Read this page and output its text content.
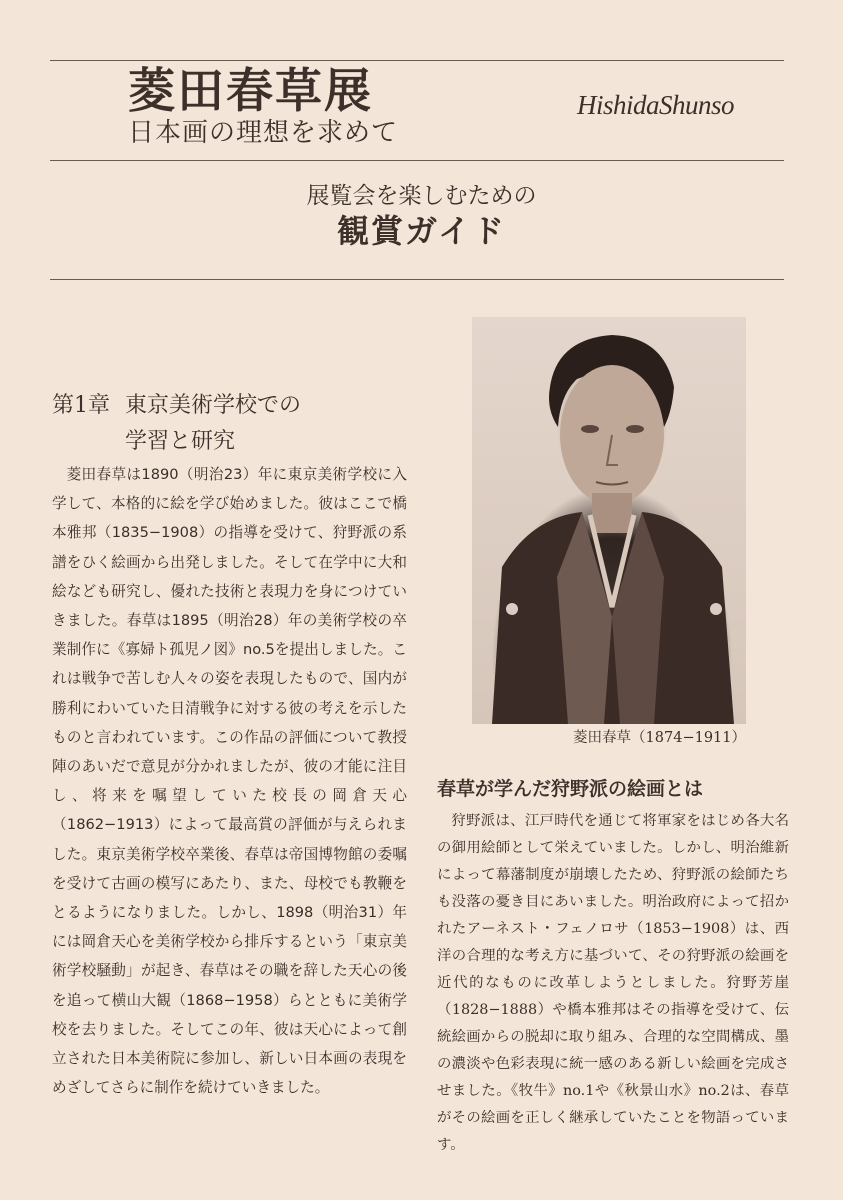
菱田春草展
日本画の理想を求めて
HishidaShunso
展覧会を楽しむための
観賞ガイド
第1章 東京美術学校での
学習と研究

菱田春草は1890（明治23）年に東京美術学校に入学して、本格的に絵を学び始めました。彼はここで橋本雅邦（1835−1908）の指導を受けて、狩野派の系譜をひく絵画から出発しました。そして在学中に大和絵なども研究し、優れた技術と表現力を身につけていきました。春草は1895（明治28）年の美術学校の卒業制作に《寡婦ト孤児ノ図》no.5を提出しました。これは戦争で苦しむ人々の姿を表現したもので、国内が勝利にわいていた日清戦争に対する彼の考えを示したものと言われています。この作品の評価について教授陣のあいだで意見が分かれましたが、彼の才能に注目し、将来を嘱望していた校長の岡倉天心（1862−1913）によって最高賞の評価が与えられました。東京美術学校卒業後、春草は帝国博物館の委嘱を受けて古画の模写にあたり、また、母校でも教鞭をとるようになりました。しかし、1898（明治31）年には岡倉天心を美術学校から排斥するという「東京美術学校騒動」が起き、春草はその職を辞した天心の後を追って横山大観（1868−1958）らとともに美術学校を去りました。そしてこの年、彼は天心によって創立された日本美術院に参加し、新しい日本画の表現をめざしてさらに制作を続けていきました。

菱田春草（1874−1911）
春草が学んだ狩野派の絵画とは

狩野派は、江戸時代を通じて将軍家をはじめ各大名の御用絵師として栄えていました。しかし、明治維新によって幕藩制度が崩壊したため、狩野派の絵師たちも没落の憂き目にあいました。明治政府によって招かれたアーネスト・フェノロサ（1853−1908）は、西洋の合理的な考え方に基づいて、その狩野派の絵画を近代的なものに改革しようとしました。狩野芳崖（1828−1888）や橋本雅邦はその指導を受けて、伝統絵画からの脱却に取り組み、合理的な空間構成、墨の濃淡や色彩表現に統一感のある新しい絵画を完成させました。《牧牛》no.1や《秋景山水》no.2は、春草がその絵画を正しく継承していたことを物語っています。
